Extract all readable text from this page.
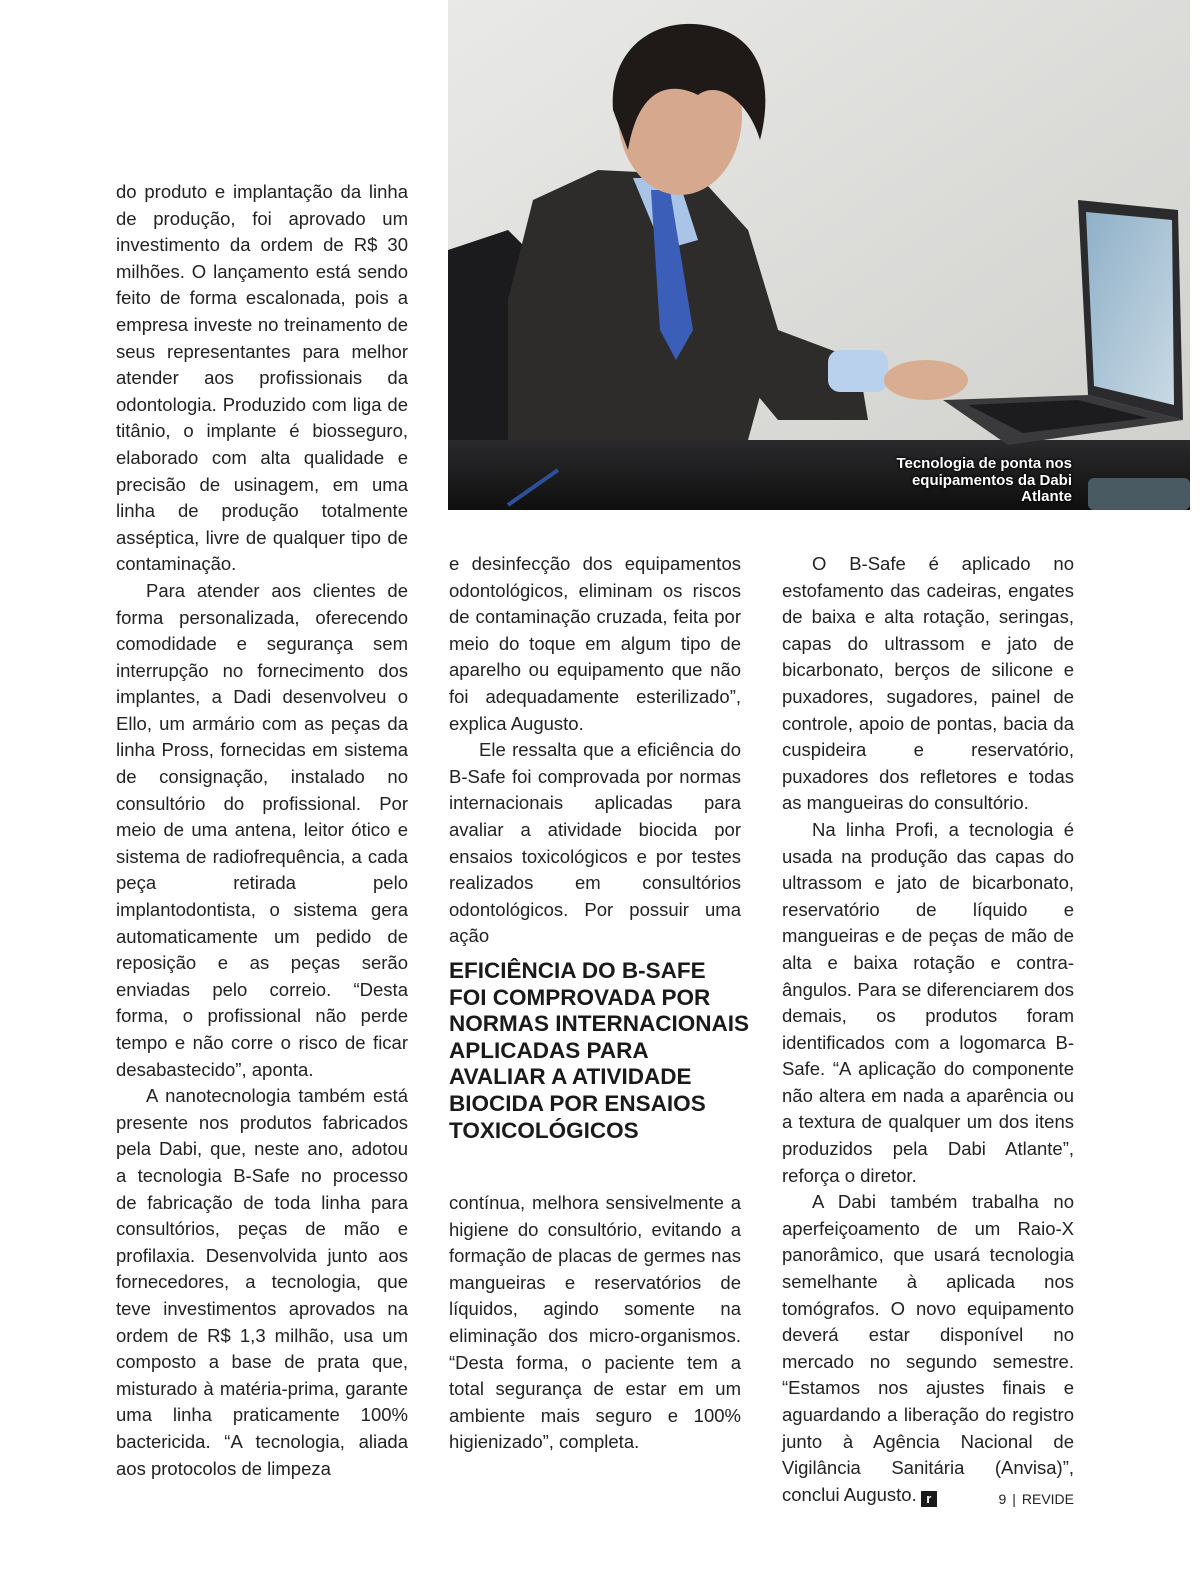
Tecnologia de ponta nos equipamentos da Dabi Atlante

do produto e implantação da linha de produção, foi aprovado um investimento da ordem de R$ 30 milhões. O lançamento está sendo feito de forma escalonada, pois a empresa investe no treinamento de seus representantes para melhor atender aos profissionais da odontologia. Produzido com liga de titânio, o implante é biosseguro, elaborado com alta qualidade e precisão de usinagem, em uma linha de produção totalmente asséptica, livre de qualquer tipo de contaminação.

Para atender aos clientes de forma personalizada, oferecendo comodidade e segurança sem interrupção no fornecimento dos implantes, a Dadi desenvolveu o Ello, um armário com as peças da linha Pross, fornecidas em sistema de consignação, instalado no consultório do profissional. Por meio de uma antena, leitor ótico e sistema de radiofrequência, a cada peça retirada pelo implantodontista, o sistema gera automaticamente um pedido de reposição e as peças serão enviadas pelo correio. “Desta forma, o profissional não perde tempo e não corre o risco de ficar desabastecido”, aponta.

A nanotecnologia também está presente nos produtos fabricados pela Dabi, que, neste ano, adotou a tecnologia B-Safe no processo de fabricação de toda linha para consultórios, peças de mão e profilaxia. Desenvolvida junto aos fornecedores, a tecnologia, que teve investimentos aprovados na ordem de R$ 1,3 milhão, usa um composto a base de prata que, misturado à matéria-prima, garante uma linha praticamente 100% bactericida. “A tecnologia, aliada aos protocolos de limpeza

e desinfecção dos equipamentos odontológicos, eliminam os riscos de contaminação cruzada, feita por meio do toque em algum tipo de aparelho ou equipamento que não foi adequadamente esterilizado”, explica Augusto.

Ele ressalta que a eficiência do B-Safe foi comprovada por normas internacionais aplicadas para avaliar a atividade biocida por ensaios toxicológicos e por testes realizados em consultórios odontológicos. Por possuir uma ação

EFICIÊNCIA DO B-SAFE FOI COMPROVADA POR NORMAS INTERNACIONAIS APLICADAS PARA AVALIAR A ATIVIDADE BIOCIDA POR ENSAIOS TOXICOLÓGICOS

contínua, melhora sensivelmente a higiene do consultório, evitando a formação de placas de germes nas mangueiras e reservatórios de líquidos, agindo somente na eliminação dos micro-organismos. “Desta forma, o paciente tem a total segurança de estar em um ambiente mais seguro e 100% higienizado”, completa.

O B-Safe é aplicado no estofamento das cadeiras, engates de baixa e alta rotação, seringas, capas do ultrassom e jato de bicarbonato, berços de silicone e puxadores, sugadores, painel de controle, apoio de pontas, bacia da cuspideira e reservatório, puxadores dos refletores e todas as mangueiras do consultório.

Na linha Profi, a tecnologia é usada na produção das capas do ultrassom e jato de bicarbonato, reservatório de líquido e mangueiras e de peças de mão de alta e baixa rotação e contra-ângulos. Para se diferenciarem dos demais, os produtos foram identificados com a logomarca B-Safe. “A aplicação do componente não altera em nada a aparência ou a textura de qualquer um dos itens produzidos pela Dabi Atlante”, reforça o diretor.

A Dabi também trabalha no aperfeiçoamento de um Raio-X panorâmico, que usará tecnologia semelhante à aplicada nos tomógrafos. O novo equipamento deverá estar disponível no mercado no segundo semestre. “Estamos nos ajustes finais e aguardando a liberação do registro junto à Agência Nacional de Vigilância Sanitária (Anvisa)”, conclui Augusto. r	9 | REVIDE
